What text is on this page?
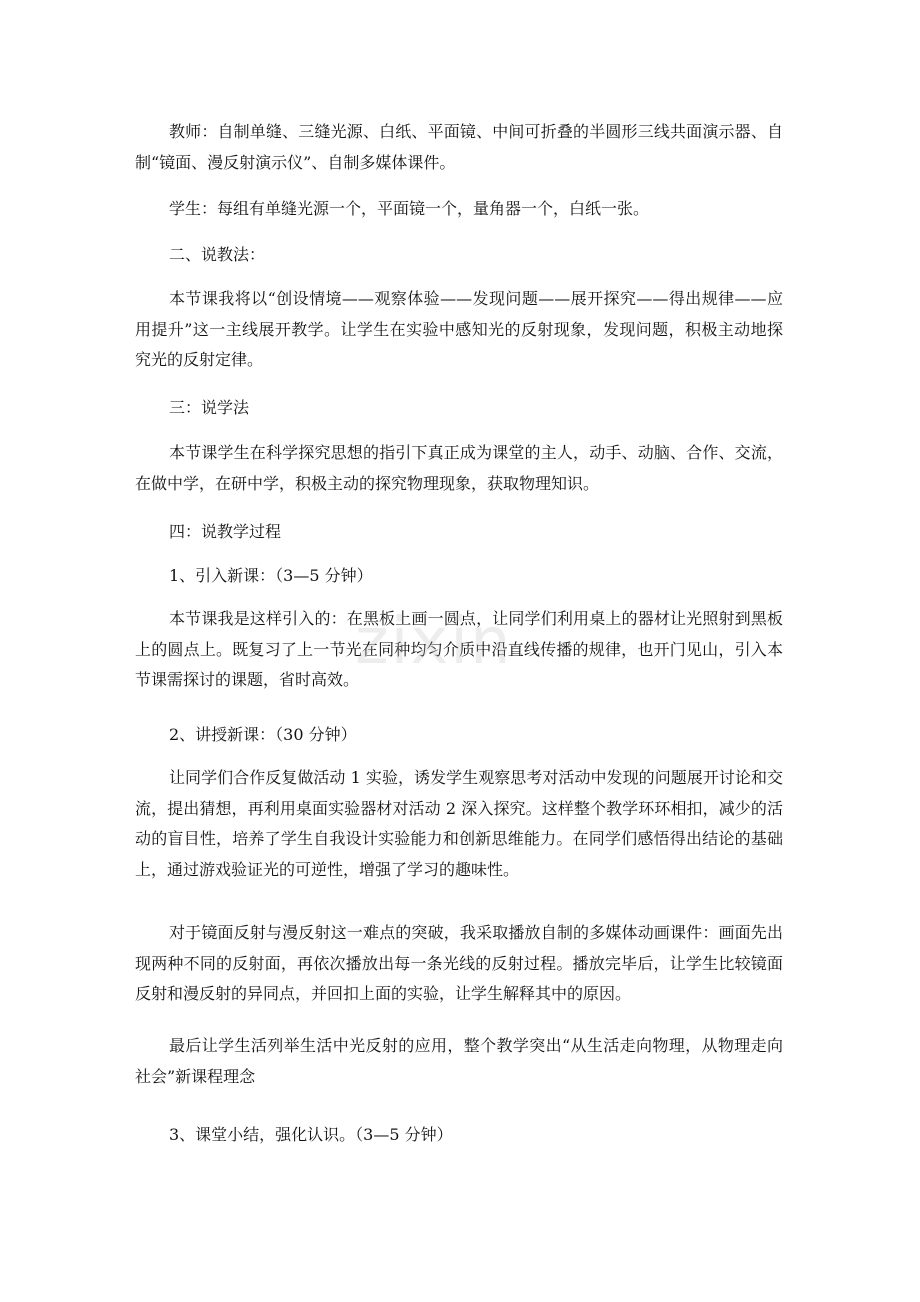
教师：自制单缝、三缝光源、白纸、平面镜、中间可折叠的半圆形三线共面演示器、自制“镜面、漫反射演示仪”、自制多媒体课件。

学生：每组有单缝光源一个，平面镜一个，量角器一个，白纸一张。

二、说教法：

本节课我将以“创设情境——观察体验——发现问题——展开探究——得出规律——应用提升”这一主线展开教学。让学生在实验中感知光的反射现象，发现问题，积极主动地探究光的反射定律。

三：说学法

本节课学生在科学探究思想的指引下真正成为课堂的主人，动手、动脑、合作、交流，在做中学，在研中学，积极主动的探究物理现象，获取物理知识。

四：说教学过程

1、引入新课：（3—5 分钟）

本节课我是这样引入的：在黑板上画一圆点，让同学们利用桌上的器材让光照射到黑板上的圆点上。既复习了上一节光在同种均匀介质中沿直线传播的规律，也开门见山，引入本节课需探讨的课题，省时高效。

2、讲授新课：（30 分钟）

让同学们合作反复做活动 1 实验，诱发学生观察思考对活动中发现的问题展开讨论和交流，提出猜想，再利用桌面实验器材对活动 2 深入探究。这样整个教学环环相扣，减少的活动的盲目性，培养了学生自我设计实验能力和创新思维能力。在同学们感悟得出结论的基础上，通过游戏验证光的可逆性，增强了学习的趣味性。

对于镜面反射与漫反射这一难点的突破，我采取播放自制的多媒体动画课件：画面先出现两种不同的反射面，再依次播放出每一条光线的反射过程。播放完毕后，让学生比较镜面反射和漫反射的异同点，并回扣上面的实验，让学生解释其中的原因。

最后让学生活列举生活中光反射的应用，整个教学突出“从生活走向物理，从物理走向社会”新课程理念

3、课堂小结，强化认识。（3—5 分钟）

zixin
